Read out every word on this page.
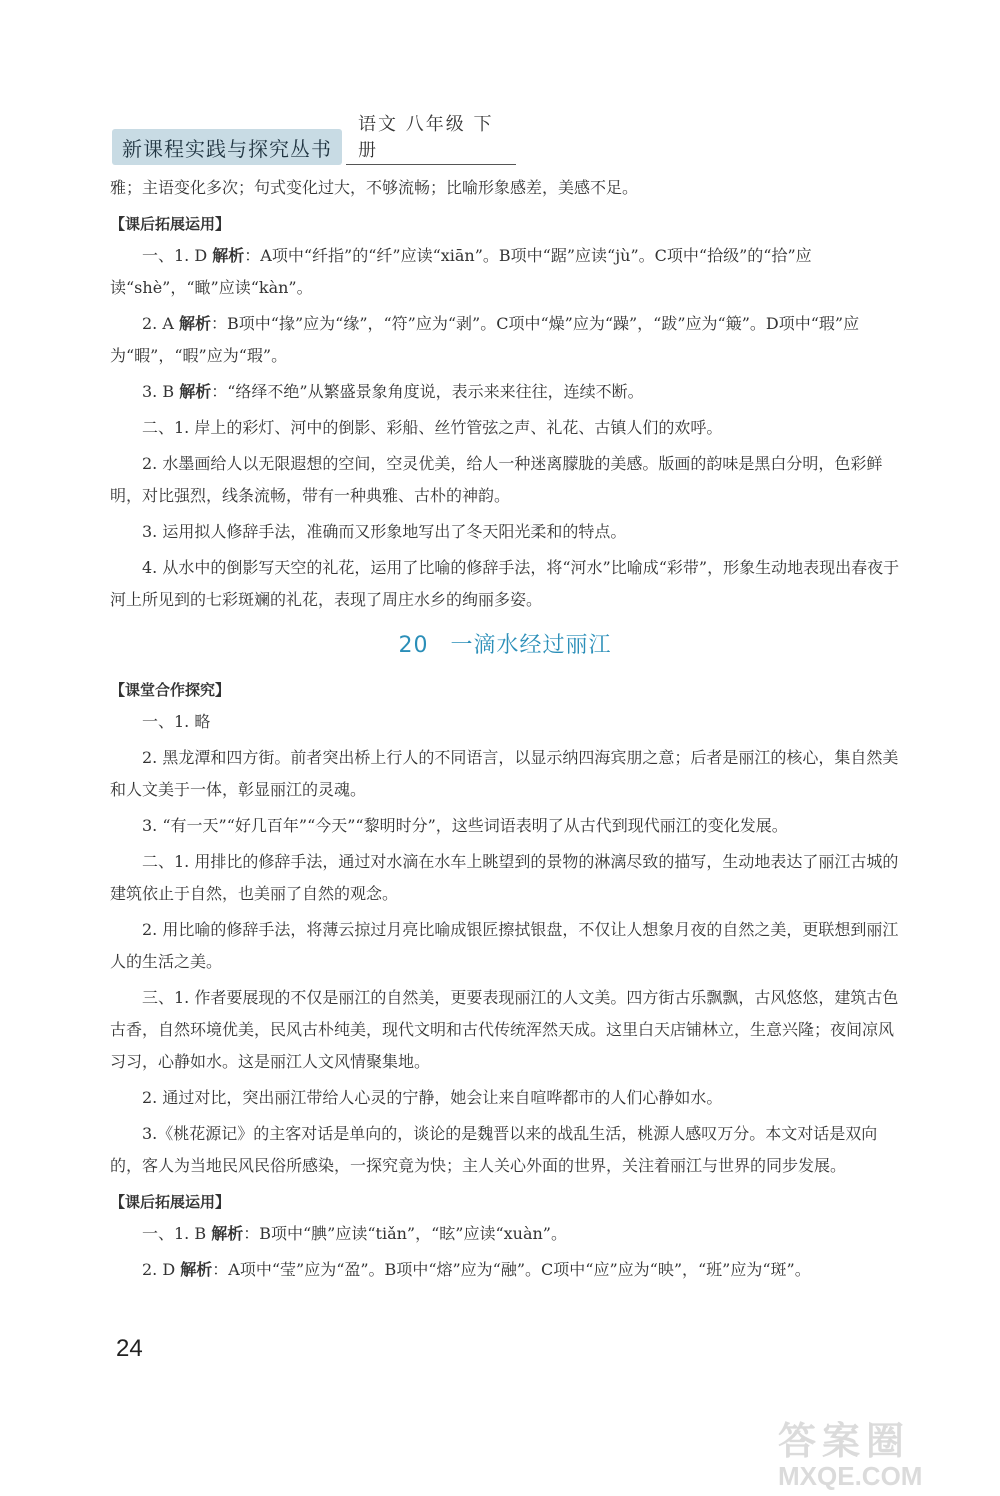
新课程实践与探究丛书
语文 八年级 下册

雅；主语变化多次；句式变化过大，不够流畅；比喻形象感差，美感不足。

【课后拓展运用】

一、1. D 解析：A项中“纤指”的“纤”应读“xiān”。B项中“踞”应读“jù”。C项中“拾级”的“拾”应读“shè”，“瞰”应读“kàn”。

2. A 解析：B项中“掾”应为“缘”，“符”应为“剥”。C项中“燥”应为“躁”，“跋”应为“簸”。D项中“瑕”应为“暇”，“暇”应为“瑕”。

3. B 解析：“络绎不绝”从繁盛景象角度说，表示来来往往，连续不断。

二、1. 岸上的彩灯、河中的倒影、彩船、丝竹管弦之声、礼花、古镇人们的欢呼。

2. 水墨画给人以无限遐想的空间，空灵优美，给人一种迷离朦胧的美感。版画的韵味是黑白分明，色彩鲜明，对比强烈，线条流畅，带有一种典雅、古朴的神韵。

3. 运用拟人修辞手法，准确而又形象地写出了冬天阳光柔和的特点。

4. 从水中的倒影写天空的礼花，运用了比喻的修辞手法，将“河水”比喻成“彩带”，形象生动地表现出春夜于河上所见到的七彩斑斓的礼花，表现了周庄水乡的绚丽多姿。

20 一滴水经过丽江

【课堂合作探究】

一、1. 略

2. 黑龙潭和四方街。前者突出桥上行人的不同语言，以显示纳四海宾朋之意；后者是丽江的核心，集自然美和人文美于一体，彰显丽江的灵魂。

3. “有一天”“好几百年”“今天”“黎明时分”，这些词语表明了从古代到现代丽江的变化发展。

二、1. 用排比的修辞手法，通过对水滴在水车上眺望到的景物的淋漓尽致的描写，生动地表达了丽江古城的建筑依止于自然，也美丽了自然的观念。

2. 用比喻的修辞手法，将薄云掠过月亮比喻成银匠擦拭银盘，不仅让人想象月夜的自然之美，更联想到丽江人的生活之美。

三、1. 作者要展现的不仅是丽江的自然美，更要表现丽江的人文美。四方街古乐飘飘，古风悠悠，建筑古色古香，自然环境优美，民风古朴纯美，现代文明和古代传统浑然天成。这里白天店铺林立，生意兴隆；夜间凉风习习，心静如水。这是丽江人文风情聚集地。

2. 通过对比，突出丽江带给人心灵的宁静，她会让来自喧哗都市的人们心静如水。

3.《桃花源记》的主客对话是单向的，谈论的是魏晋以来的战乱生活，桃源人感叹万分。本文对话是双向的，客人为当地民风民俗所感染，一探究竟为快；主人关心外面的世界，关注着丽江与世界的同步发展。

【课后拓展运用】

一、1. B 解析：B项中“腆”应读“tiǎn”，“眩”应读“xuàn”。

2. D 解析：A项中“莹”应为“盈”。B项中“熔”应为“融”。C项中“应”应为“映”，“班”应为“斑”。

24
答案圈
MXQE.COM
